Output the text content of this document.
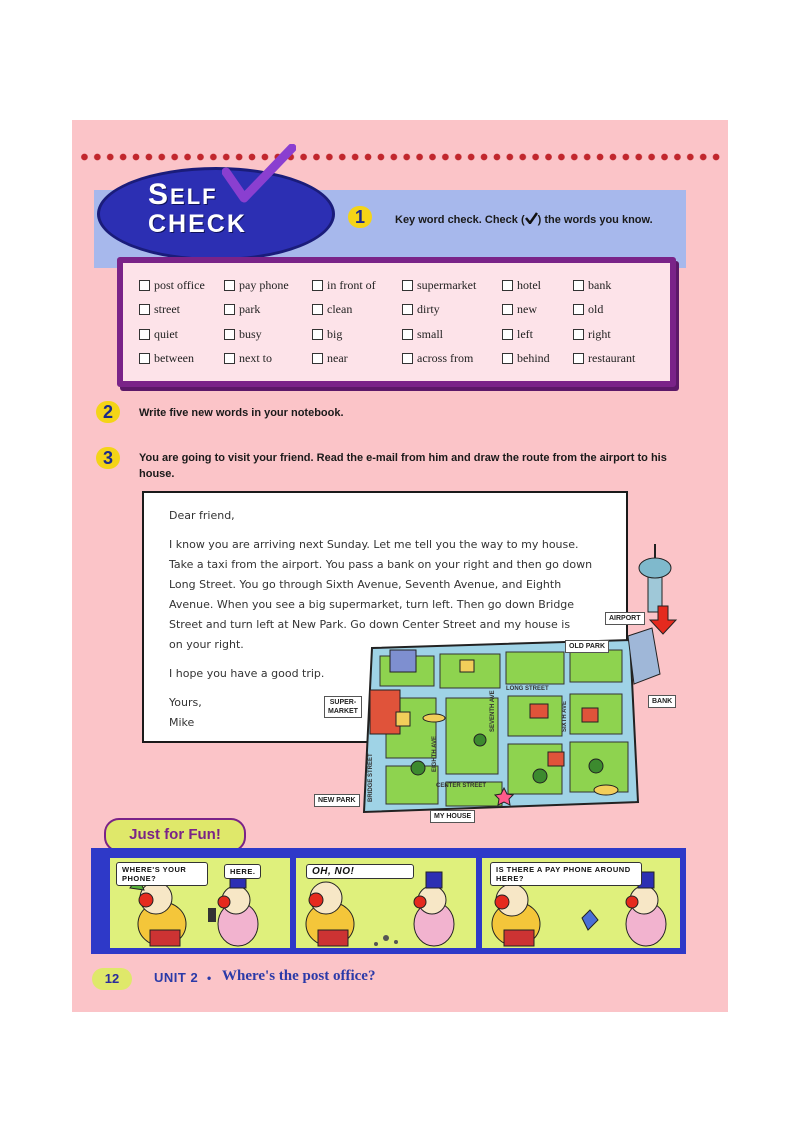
SELF
CHECK	1	Key word check. Check ( ) the words you know.

post office	pay phone	in front of	supermarket	hotel	bank
street	park	clean	dirty	new	old
quiet	busy	big	small	left	right
between	next to	near	across from	behind	restaurant
2	Write five new words in your notebook.

3	You are going to visit your friend. Read the e-mail from him and draw the route from the airport to his house.

Dear friend,

I know you are arriving next Sunday. Let me tell you the way to my house.
Take a taxi from the airport. You pass a bank on your right and then go down
Long Street. You go through Sixth Avenue, Seventh Avenue, and Eighth
Avenue. When you see a big supermarket, turn left. Then go down Bridge
Street and turn left at New Park. Go down Center Street and my house is
on your right.

I hope you have a good trip.

Yours,
Mike

AIRPORT
OLD PARK
BANK
SUPER-
MARKET
NEW PARK
MY HOUSE
LONG STREET
SEVENTH AVE	SIXTH AVE
EIGHTH AVE
BRIDGE STREET	CENTER STREET
Just for Fun!
WHERE'S YOUR PHONE?
HERE.	OH, NO!	IS THERE A PAY PHONE AROUND HERE?
12	UNIT 2 • Where's the post office?
